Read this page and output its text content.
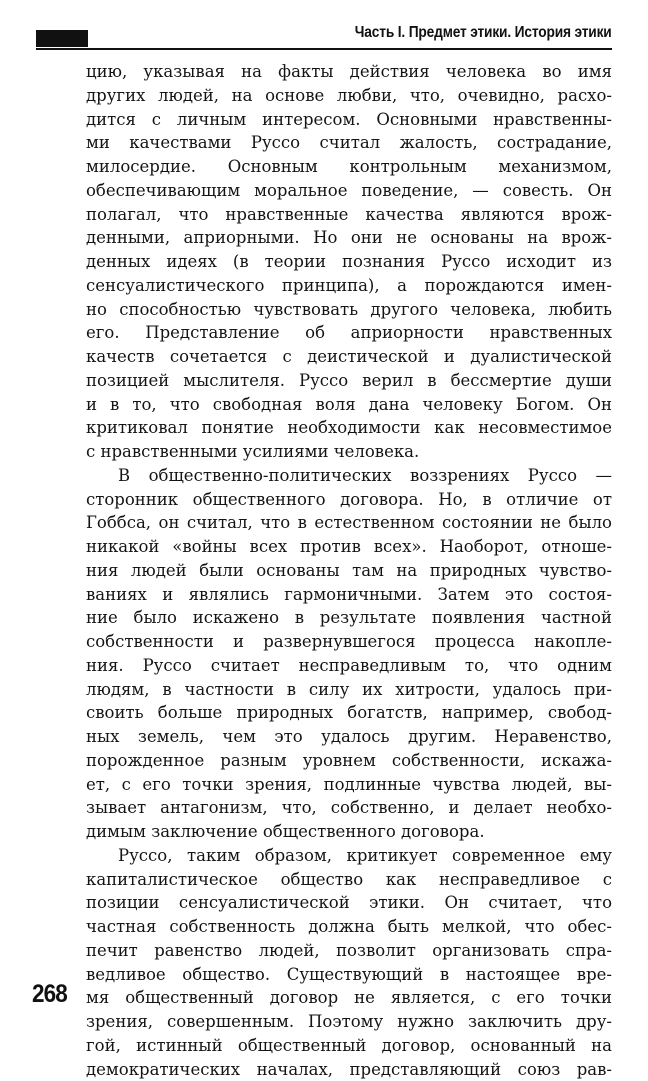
Часть I. Предмет этики. История этики
цию, указывая на факты действия человека во имя
других людей, на основе любви, что, очевидно, расхо-
дится с личным интересом. Основными нравственны-
ми качествами Руссо считал жалость, сострадание,
милосердие. Основным контрольным механизмом,
обеспечивающим моральное поведение, — совесть. Он
полагал, что нравственные качества являются врож-
денными, априорными. Но они не основаны на врож-
денных идеях (в теории познания Руссо исходит из
сенсуалистического принципа), а порождаются имен-
но способностью чувствовать другого человека, любить
его. Представление об априорности нравственных
качеств сочетается с деистической и дуалистической
позицией мыслителя. Руссо верил в бессмертие души
и в то, что свободная воля дана человеку Богом. Он
критиковал понятие необходимости как несовместимое
с нравственными усилиями человека.
В общественно-политических воззрениях Руссо —
сторонник общественного договора. Но, в отличие от
Гоббса, он считал, что в естественном состоянии не было
никакой «войны всех против всех». Наоборот, отноше-
ния людей были основаны там на природных чувство-
ваниях и являлись гармоничными. Затем это состоя-
ние было искажено в результате появления частной
собственности и развернувшегося процесса накопле-
ния. Руссо считает несправедливым то, что одним
людям, в частности в силу их хитрости, удалось при-
своить больше природных богатств, например, свобод-
ных земель, чем это удалось другим. Неравенство,
порожденное разным уровнем собственности, искажа-
ет, с его точки зрения, подлинные чувства людей, вы-
зывает антагонизм, что, собственно, и делает необхо-
димым заключение общественного договора.
Руссо, таким образом, критикует современное ему
капиталистическое общество как несправедливое с
позиции сенсуалистической этики. Он считает, что
частная собственность должна быть мелкой, что обес-
печит равенство людей, позволит организовать спра-
ведливое общество. Существующий в настоящее вре-
мя общественный договор не является, с его точки
зрения, совершенным. Поэтому нужно заключить дру-
гой, истинный общественный договор, основанный на
демократических началах, представляющий союз рав-
268
